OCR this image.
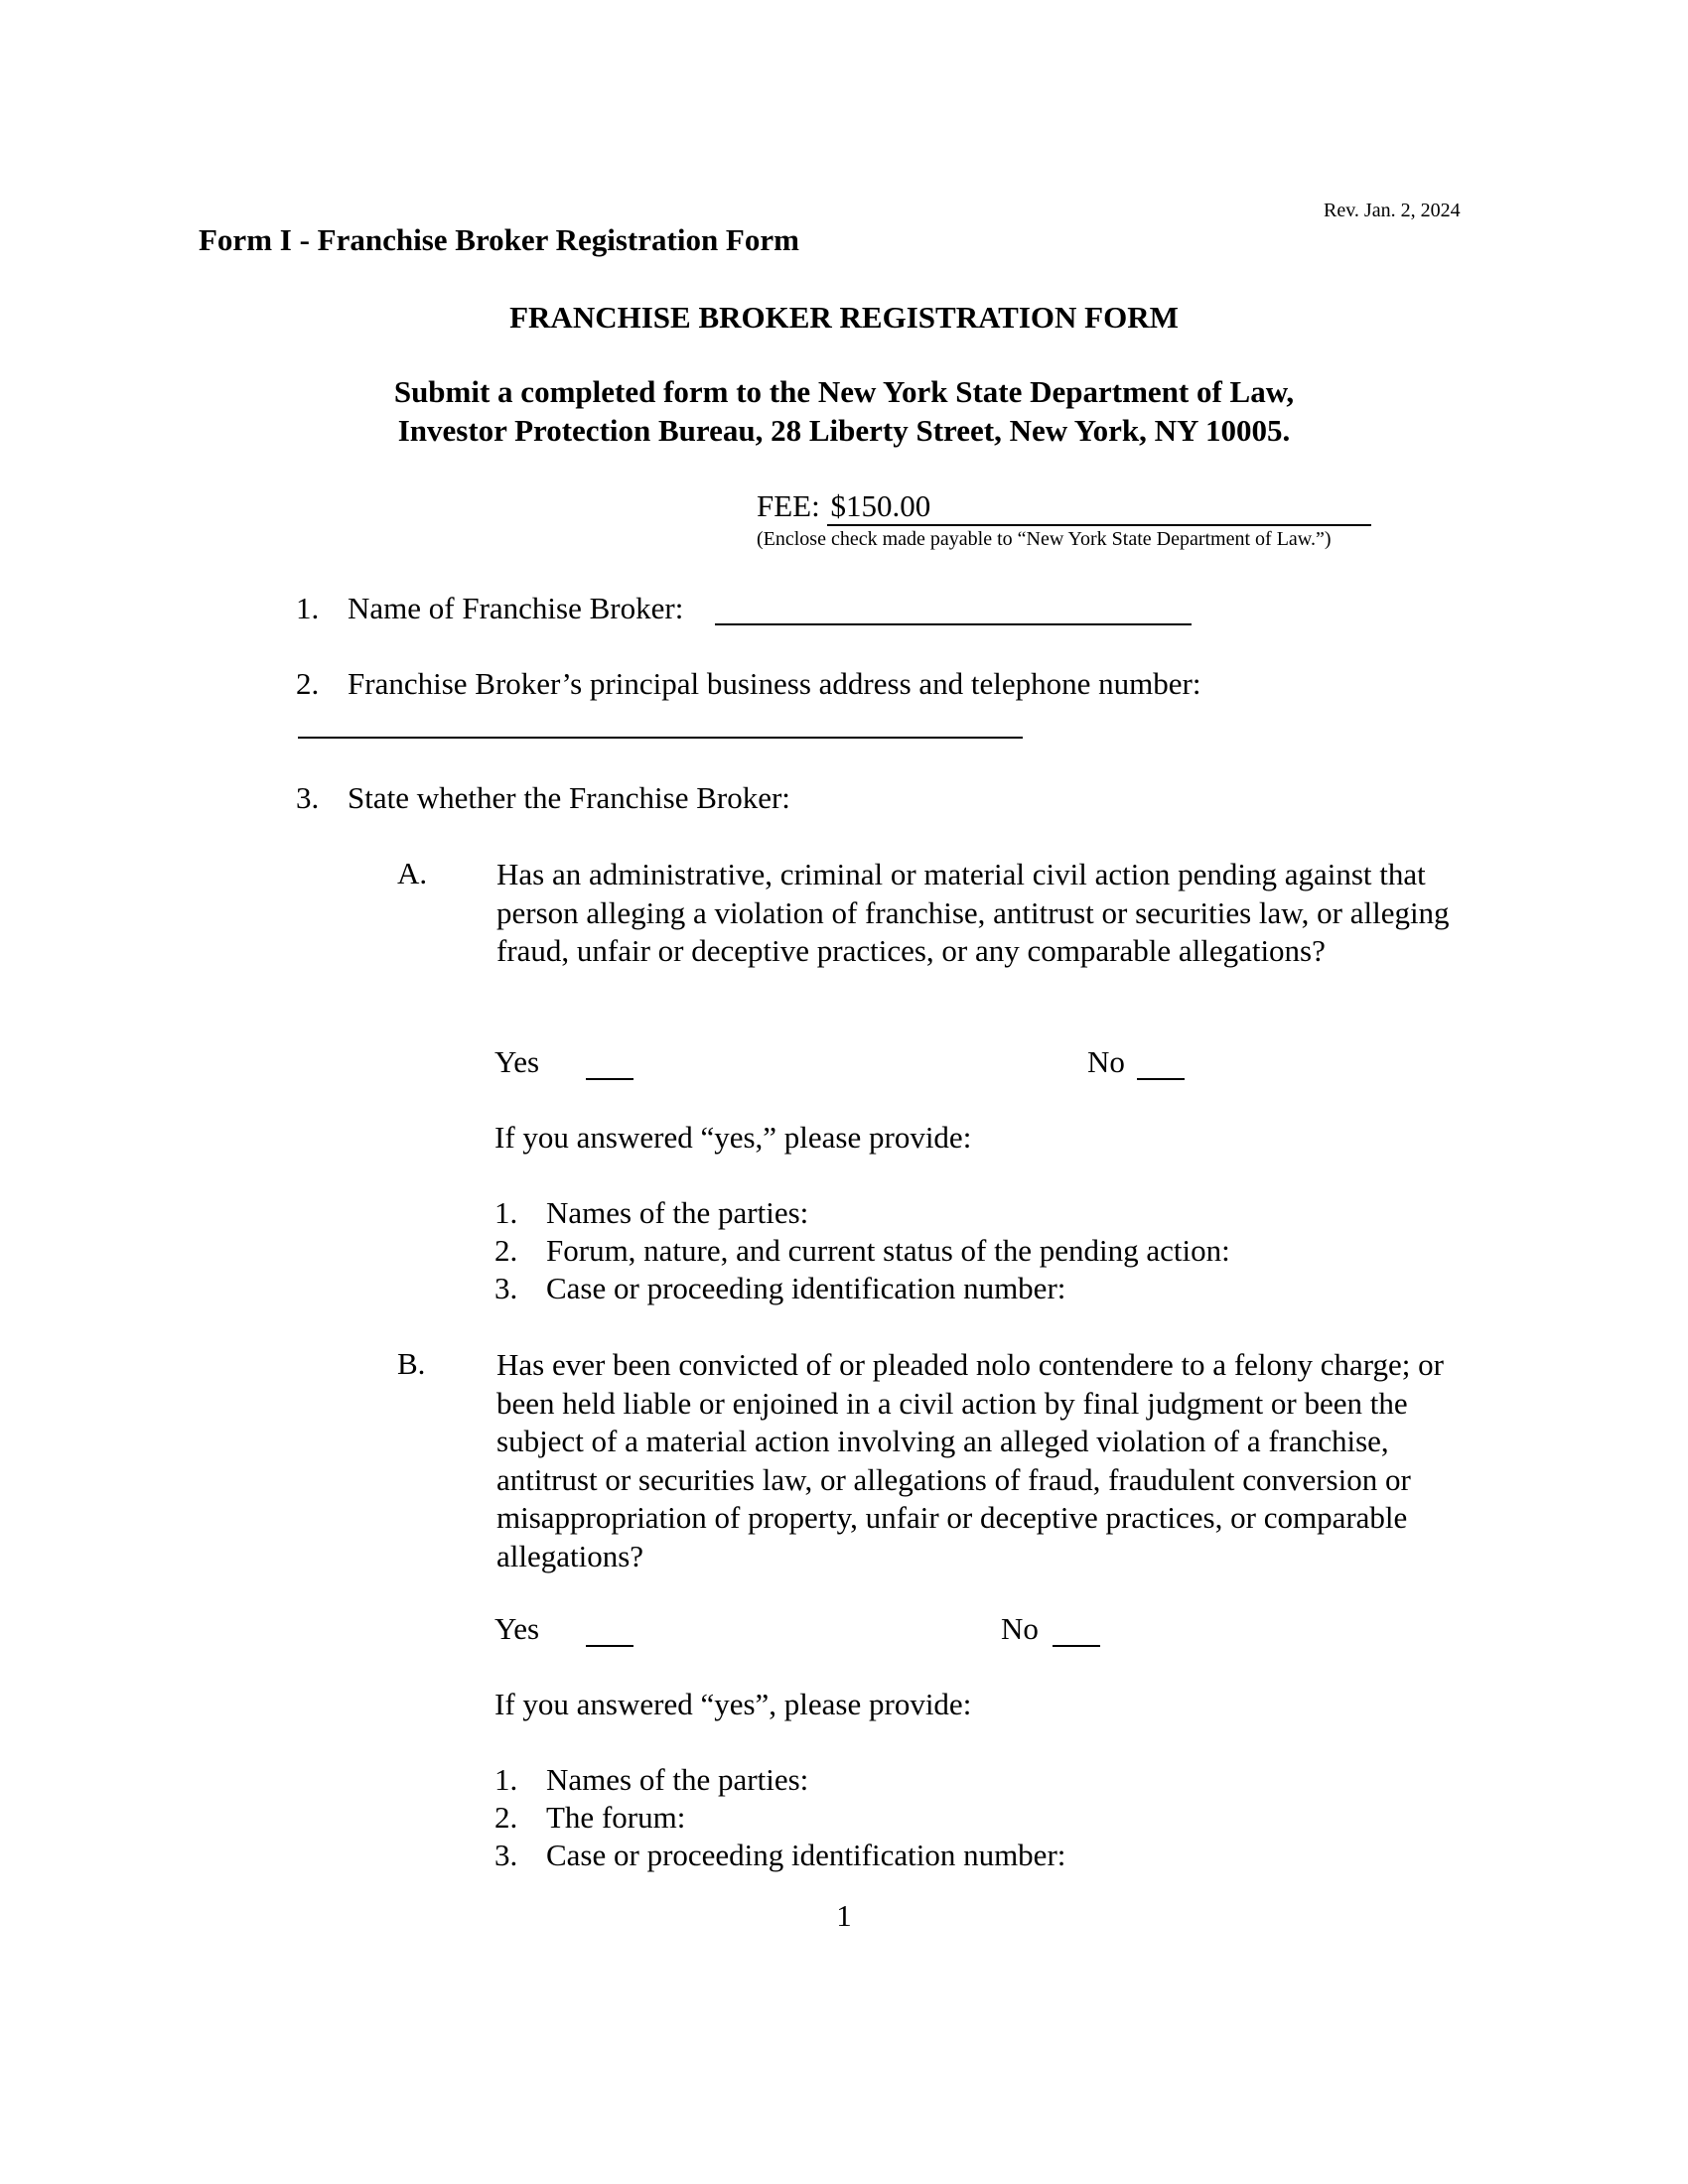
Rev. Jan. 2, 2024
Form I - Franchise Broker Registration Form
FRANCHISE BROKER REGISTRATION FORM
Submit a completed form to the New York State Department of Law,
Investor Protection Bureau, 28 Liberty Street, New York, NY 10005.
FEE: $150.00

(Enclose check made payable to “New York State Department of Law.”)
1. Name of Franchise Broker:
2. Franchise Broker’s principal business address and telephone number:
3. State whether the Franchise Broker:
A. Has an administrative, criminal or material civil action pending against that person alleging a violation of franchise, antitrust or securities law, or alleging fraud, unfair or deceptive practices, or any comparable allegations?
Yes	No
If you answered “yes,” please provide:
1. Names of the parties:
2. Forum, nature, and current status of the pending action:
3. Case or proceeding identification number:
B. Has ever been convicted of or pleaded nolo contendere to a felony charge; or been held liable or enjoined in a civil action by final judgment or been the subject of a material action involving an alleged violation of a franchise, antitrust or securities law, or allegations of fraud, fraudulent conversion or misappropriation of property, unfair or deceptive practices, or comparable allegations?
Yes	No
If you answered “yes”, please provide:
1. Names of the parties:
2. The forum:
3. Case or proceeding identification number:
1
